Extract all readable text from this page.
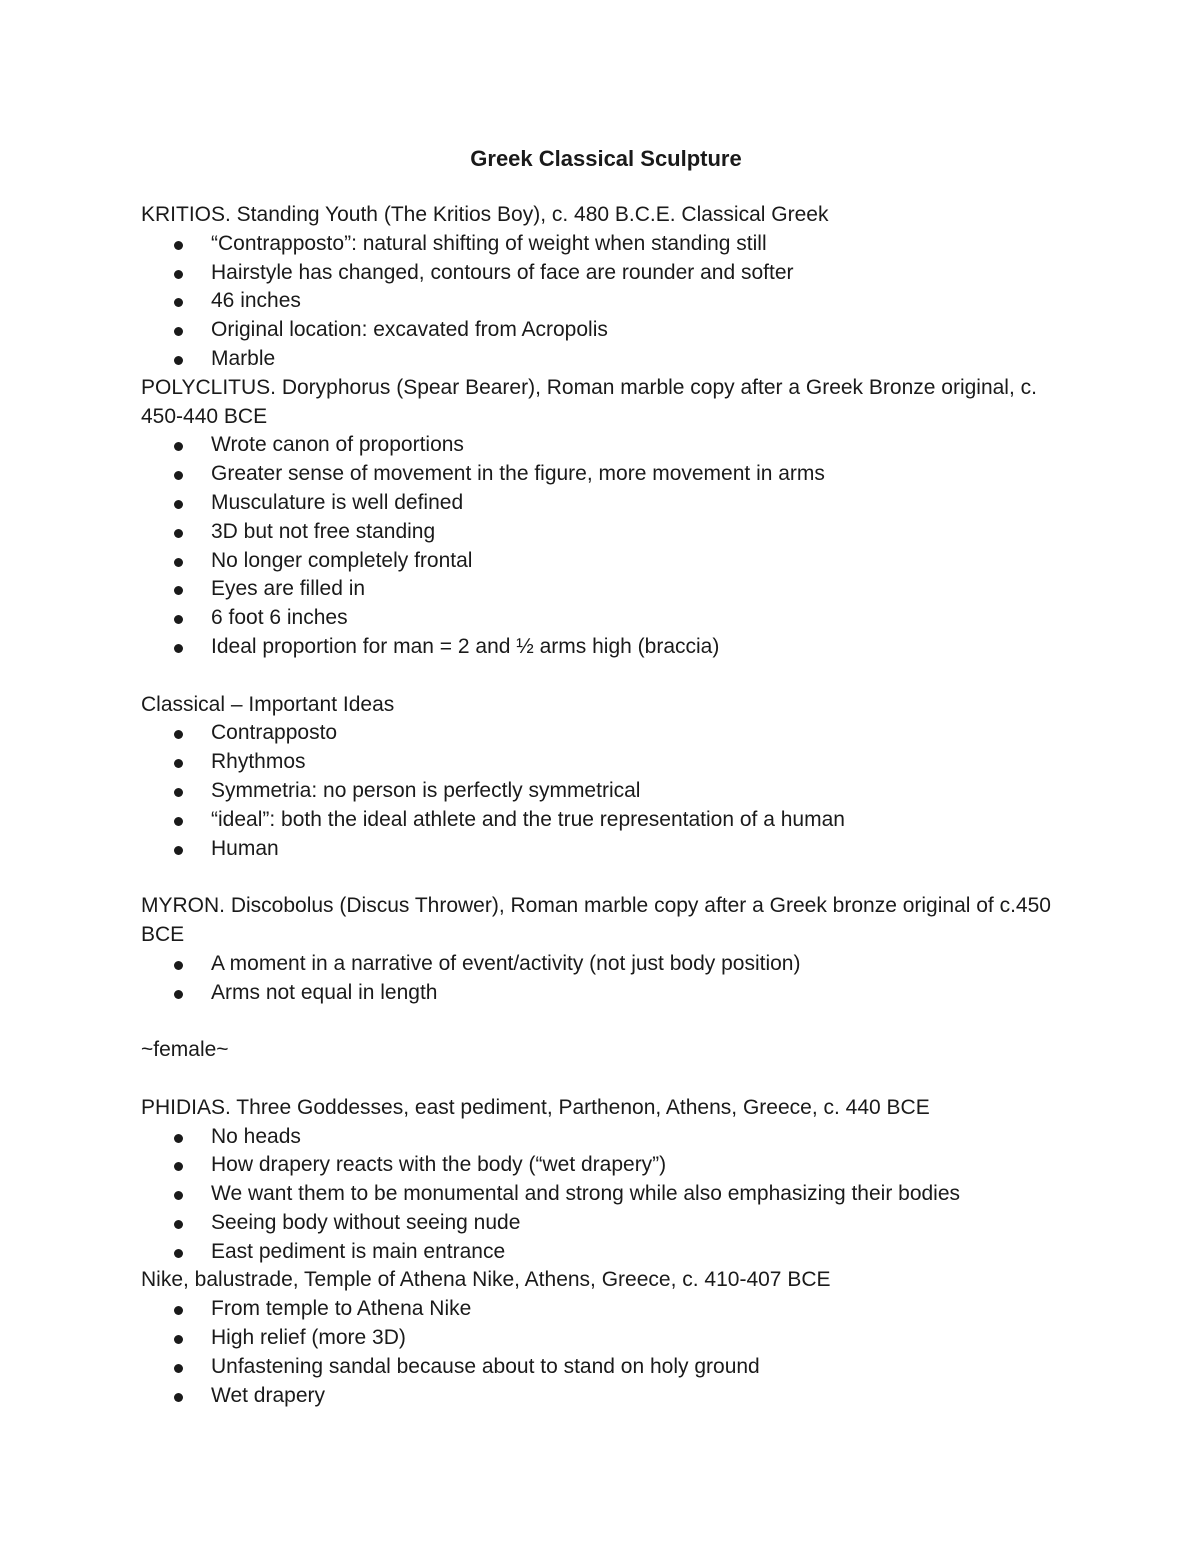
Greek Classical Sculpture
KRITIOS. Standing Youth (The Kritios Boy), c. 480 B.C.E. Classical Greek
“Contrapposto”: natural shifting of weight when standing still
Hairstyle has changed, contours of face are rounder and softer
46 inches
Original location: excavated from Acropolis
Marble
POLYCLITUS. Doryphorus (Spear Bearer), Roman marble copy after a Greek Bronze original, c. 450-440 BCE
Wrote canon of proportions
Greater sense of movement in the figure, more movement in arms
Musculature is well defined
3D but not free standing
No longer completely frontal
Eyes are filled in
6 foot 6 inches
Ideal proportion for man = 2 and ½ arms high (braccia)
Classical – Important Ideas
Contrapposto
Rhythmos
Symmetria: no person is perfectly symmetrical
“ideal”: both the ideal athlete and the true representation of a human
Human
MYRON. Discobolus (Discus Thrower), Roman marble copy after a Greek bronze original of c.450 BCE
A moment in a narrative of event/activity (not just body position)
Arms not equal in length
~female~
PHIDIAS. Three Goddesses, east pediment, Parthenon, Athens, Greece, c. 440 BCE
No heads
How drapery reacts with the body (“wet drapery”)
We want them to be monumental and strong while also emphasizing their bodies
Seeing body without seeing nude
East pediment is main entrance
Nike, balustrade, Temple of Athena Nike, Athens, Greece, c. 410-407 BCE
From temple to Athena Nike
High relief (more 3D)
Unfastening sandal because about to stand on holy ground
Wet drapery
